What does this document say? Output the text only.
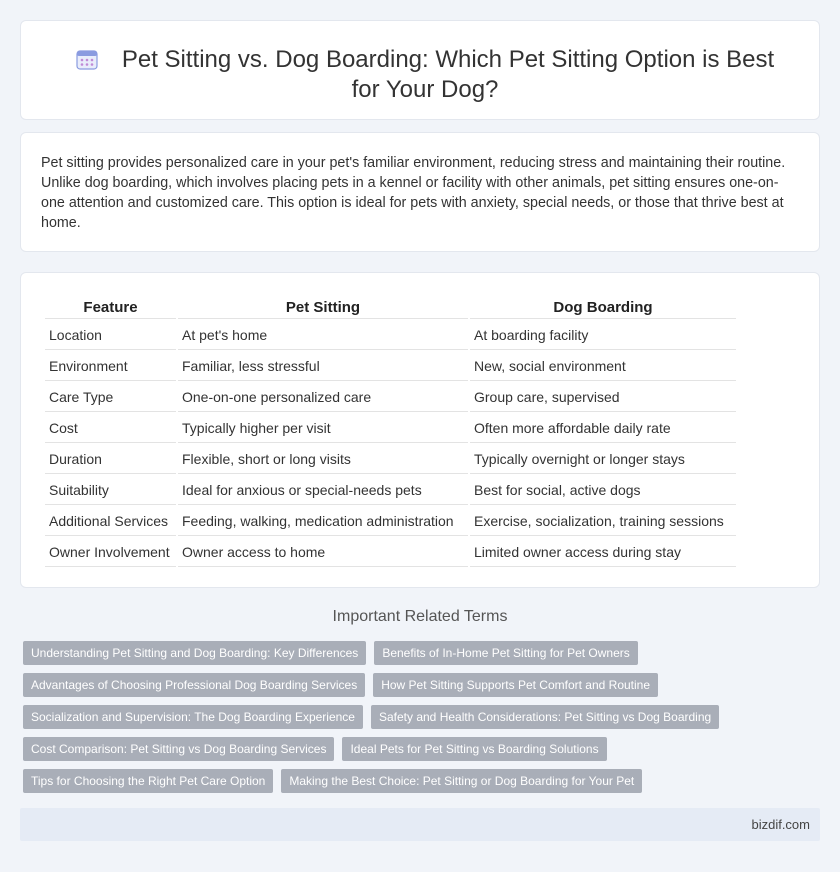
Pet Sitting vs. Dog Boarding: Which Pet Sitting Option is Best for Your Dog?

Pet sitting provides personalized care in your pet's familiar environment, reducing stress and maintaining their routine. Unlike dog boarding, which involves placing pets in a kennel or facility with other animals, pet sitting ensures one-on-one attention and customized care. This option is ideal for pets with anxiety, special needs, or those that thrive best at home.

Feature	Pet Sitting	Dog Boarding
Location	At pet's home	At boarding facility
Environment	Familiar, less stressful	New, social environment
Care Type	One-on-one personalized care	Group care, supervised
Cost	Typically higher per visit	Often more affordable daily rate
Duration	Flexible, short or long visits	Typically overnight or longer stays
Suitability	Ideal for anxious or special-needs pets	Best for social, active dogs
Additional Services	Feeding, walking, medication administration	Exercise, socialization, training sessions
Owner Involvement	Owner access to home	Limited owner access during stay
Important Related Terms
Understanding Pet Sitting and Dog Boarding: Key Differences	Benefits of In-Home Pet Sitting for Pet Owners
Advantages of Choosing Professional Dog Boarding Services	How Pet Sitting Supports Pet Comfort and Routine
Socialization and Supervision: The Dog Boarding Experience	Safety and Health Considerations: Pet Sitting vs Dog Boarding
Cost Comparison: Pet Sitting vs Dog Boarding Services	Ideal Pets for Pet Sitting vs Boarding Solutions
Tips for Choosing the Right Pet Care Option	Making the Best Choice: Pet Sitting or Dog Boarding for Your Pet
bizdif.com
